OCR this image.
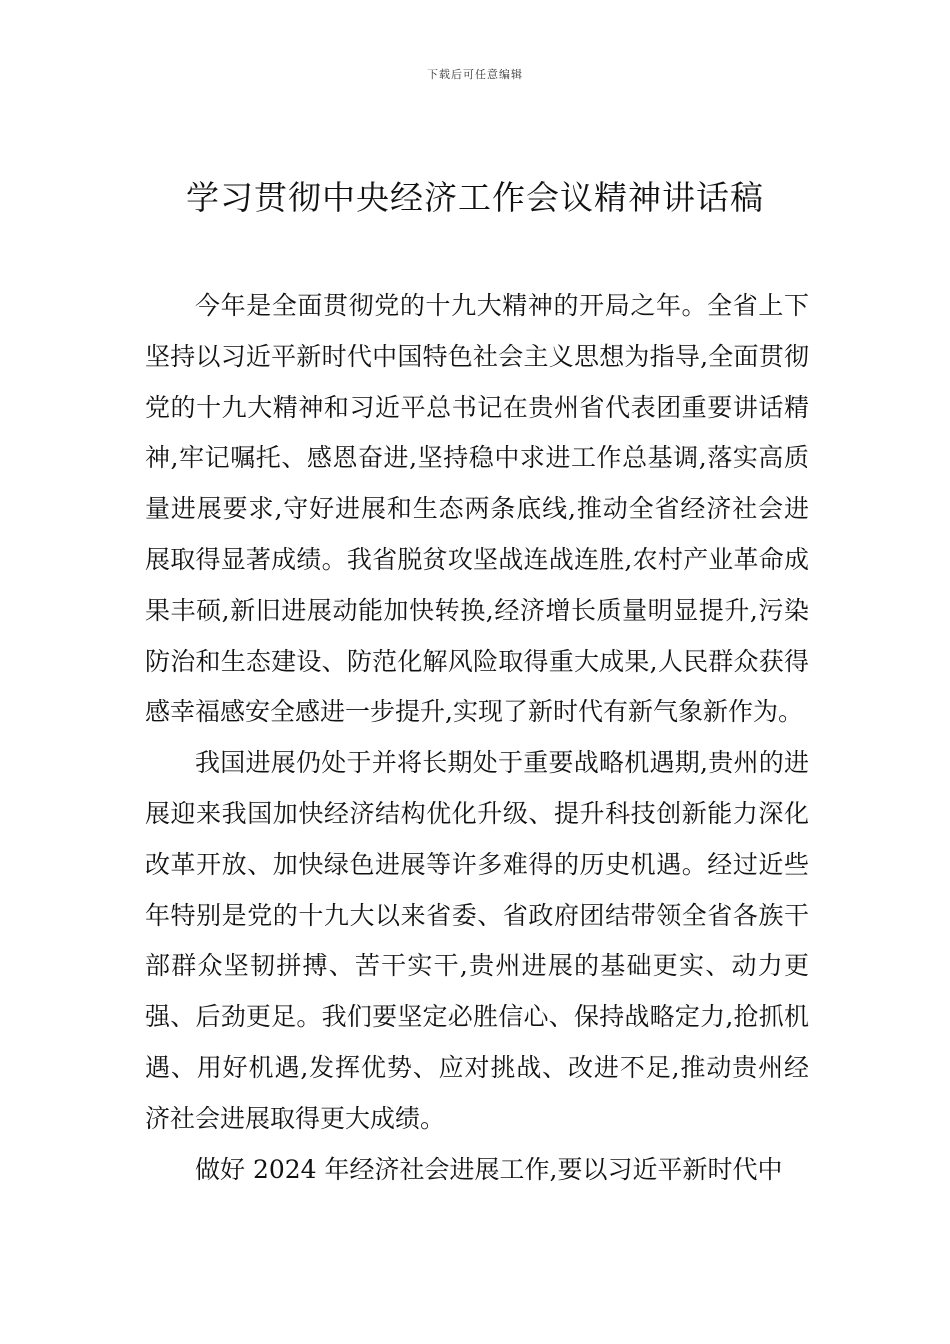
下载后可任意编辑
学习贯彻中央经济工作会议精神讲话稿

今年是全面贯彻党的十九大精神的开局之年。全省上下坚持以习近平新时代中国特色社会主义思想为指导,全面贯彻党的十九大精神和习近平总书记在贵州省代表团重要讲话精神,牢记嘱托、感恩奋进,坚持稳中求进工作总基调,落实高质量进展要求,守好进展和生态两条底线,推动全省经济社会进展取得显著成绩。我省脱贫攻坚战连战连胜,农村产业革命成果丰硕,新旧进展动能加快转换,经济增长质量明显提升,污染防治和生态建设、防范化解风险取得重大成果,人民群众获得感幸福感安全感进一步提升,实现了新时代有新气象新作为。

我国进展仍处于并将长期处于重要战略机遇期,贵州的进展迎来我国加快经济结构优化升级、提升科技创新能力深化改革开放、加快绿色进展等许多难得的历史机遇。经过近些年特别是党的十九大以来省委、省政府团结带领全省各族干部群众坚韧拼搏、苦干实干,贵州进展的基础更实、动力更强、后劲更足。我们要坚定必胜信心、保持战略定力,抢抓机遇、用好机遇,发挥优势、应对挑战、改进不足,推动贵州经济社会进展取得更大成绩。

做好 2024 年经济社会进展工作,要以习近平新时代中
